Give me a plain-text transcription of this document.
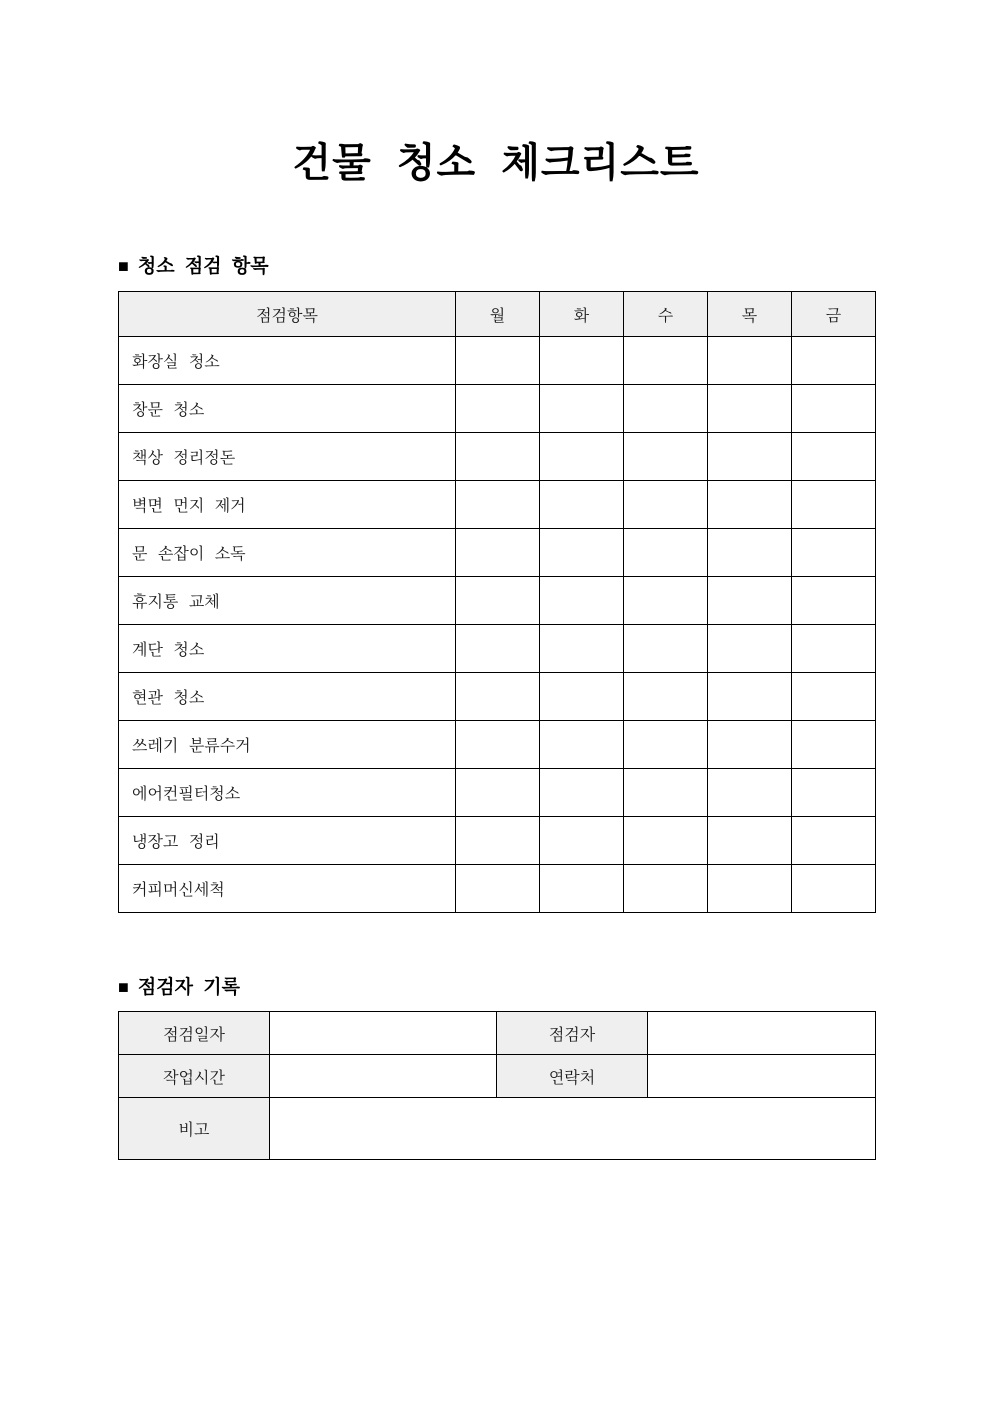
건물 청소 체크리스트
■ 청소 점검 항목
점검항목	월	화	수	목	금
화장실 청소					
창문 청소					
책상 정리정돈					
벽면 먼지 제거					
문 손잡이 소독					
휴지통 교체					
계단 청소					
현관 청소					
쓰레기 분류수거					
에어컨필터청소					
냉장고 정리					
커피머신세척					
■ 점검자 기록
점검일자		점검자	
작업시간		연락처	
비고			
